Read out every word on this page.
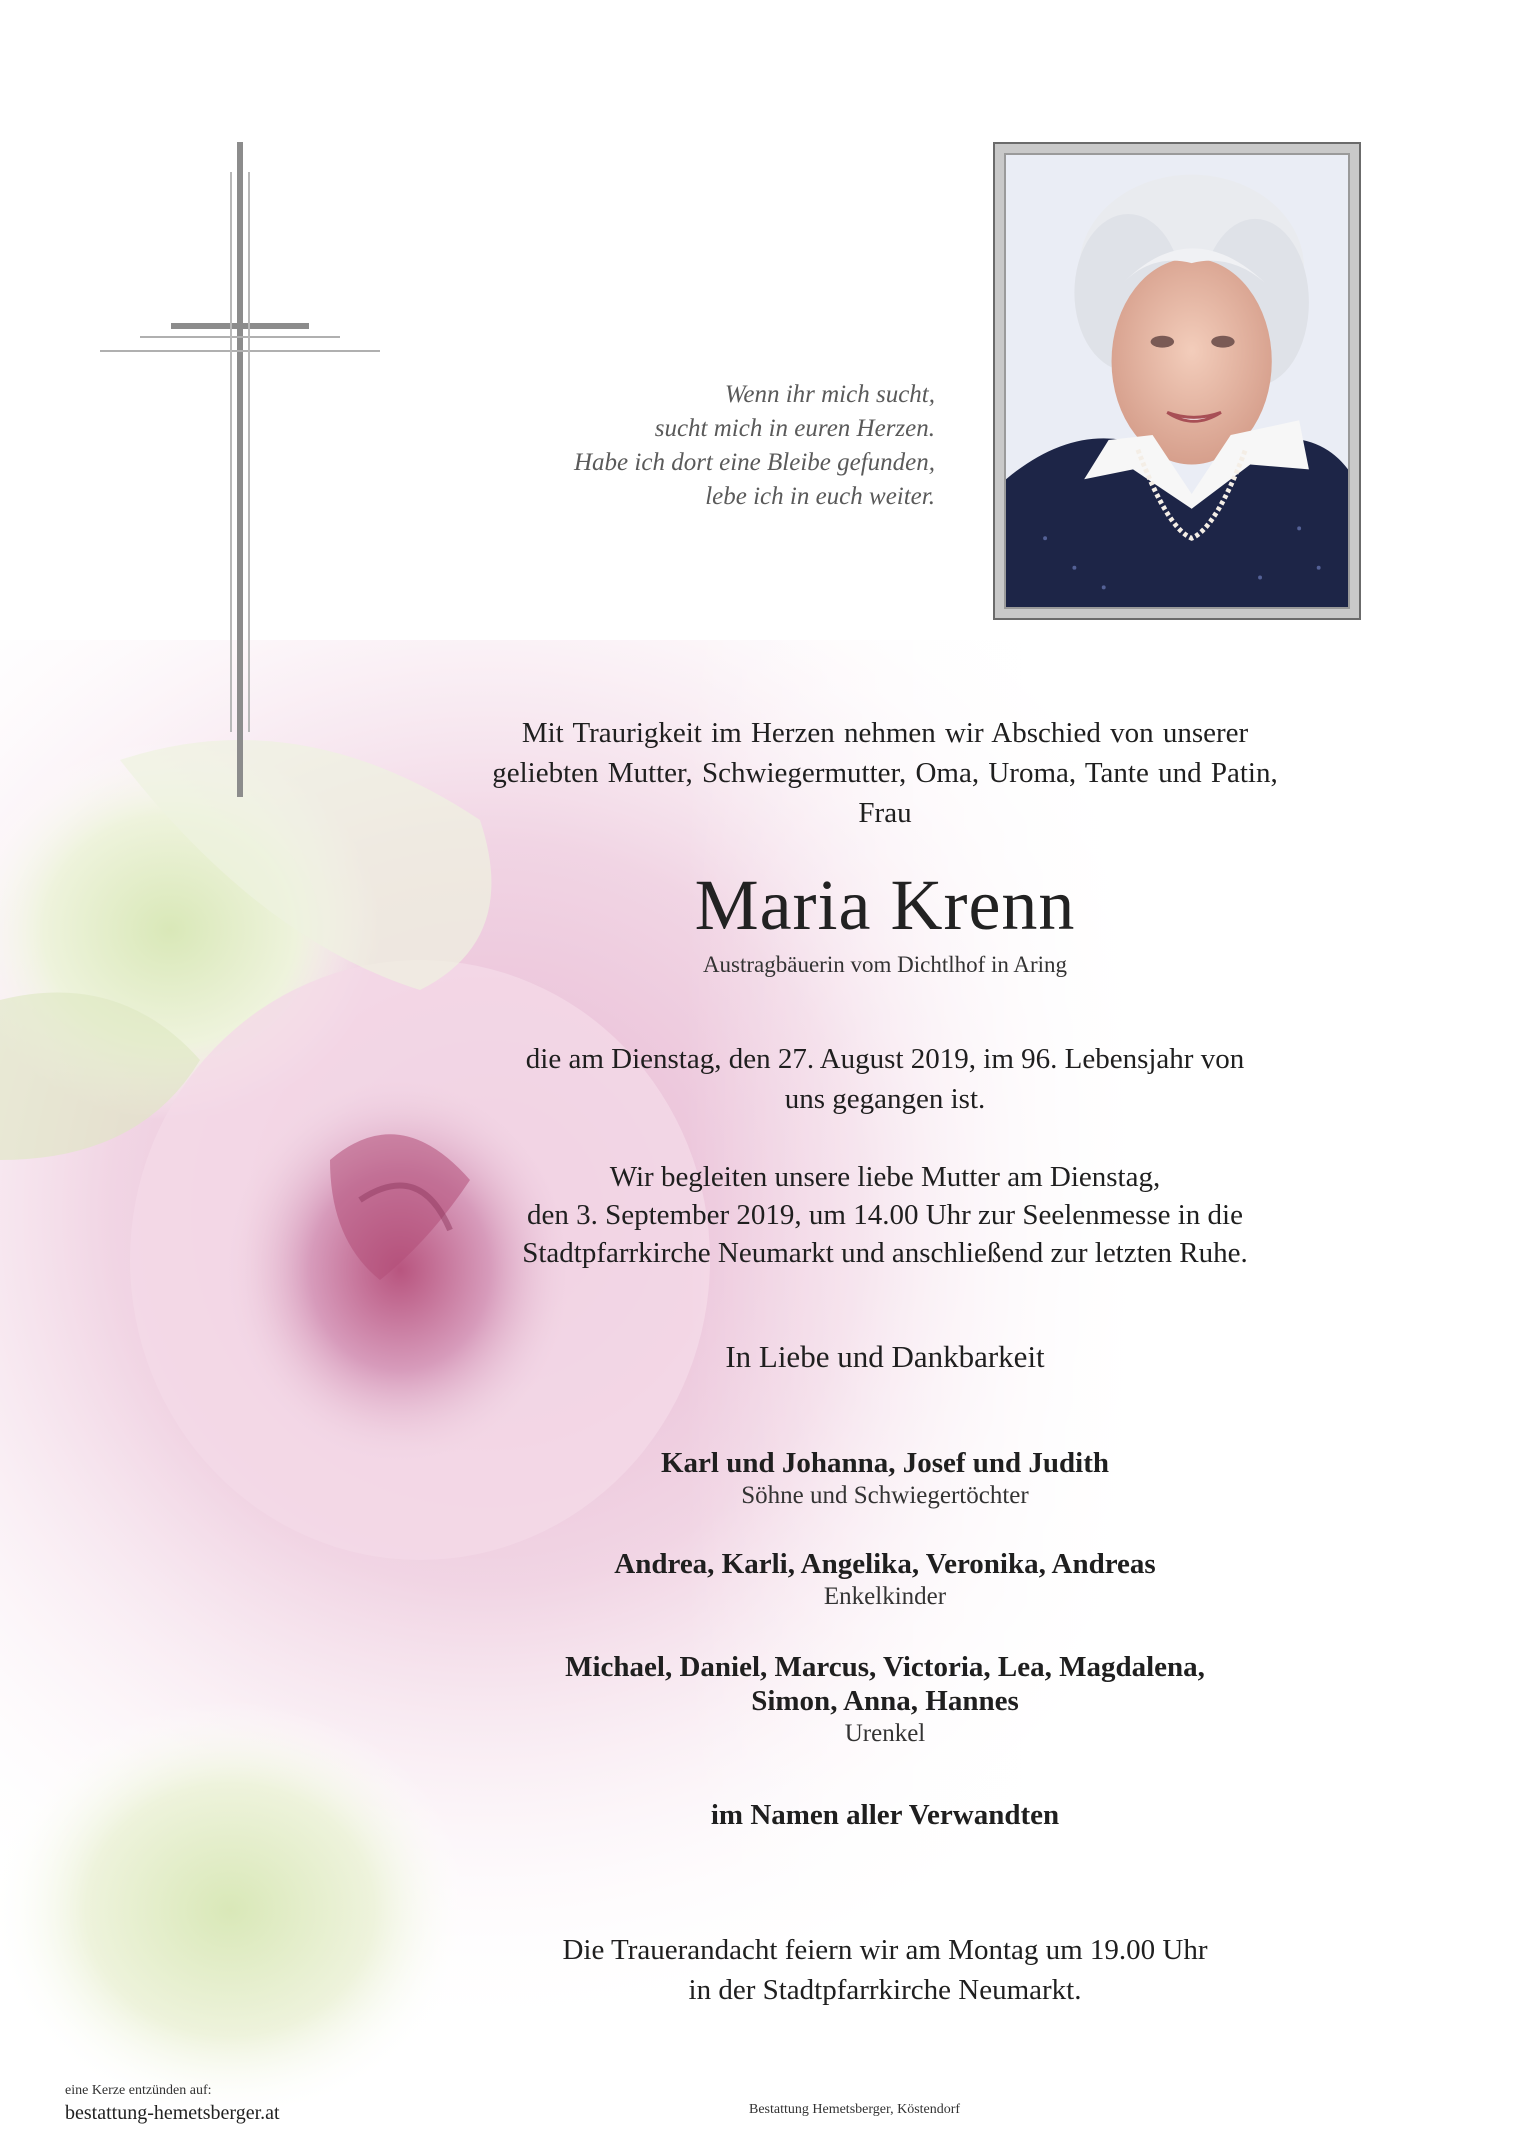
Wenn ihr mich sucht,
sucht mich in euren Herzen.
Habe ich dort eine Bleibe gefunden,
lebe ich in euch weiter.
Mit Traurigkeit im Herzen nehmen wir Abschied von unserer
geliebten Mutter, Schwiegermutter, Oma, Uroma, Tante und Patin,
Frau
Maria Krenn
Austragbäuerin vom Dichtlhof in Aring
die am Dienstag, den 27. August 2019, im 96. Lebensjahr von
uns gegangen ist.
Wir begleiten unsere liebe Mutter am Dienstag,
den 3. September 2019, um 14.00 Uhr zur Seelenmesse in die
Stadtpfarrkirche Neumarkt und anschließend zur letzten Ruhe.
In Liebe und Dankbarkeit
Karl und Johanna, Josef und Judith
Söhne und Schwiegertöchter
Andrea, Karli, Angelika, Veronika, Andreas
Enkelkinder
Michael, Daniel, Marcus, Victoria, Lea, Magdalena,
Simon, Anna, Hannes
Urenkel
im Namen aller Verwandten
Die Trauerandacht feiern wir am Montag um 19.00 Uhr
in der Stadtpfarrkirche Neumarkt.
eine Kerze entzünden auf:
bestattung-hemetsberger.at	Bestattung Hemetsberger, Köstendorf
